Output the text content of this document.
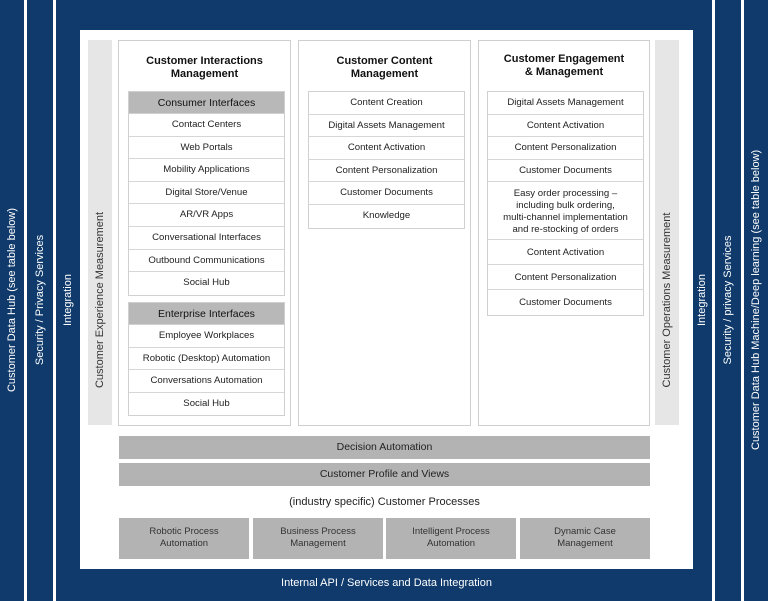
Customer Data Hub (see table below) Security / Privacy Services Integration	Integration Security / privacy Services Customer Data Hub Machine/Deep learning (see table below)
Customer Experience Measurement	Customer Operations Measurement
Customer Interactions
Management
Consumer Interfaces
Contact Centers
Web Portals
Mobility Applications
Digital Store/Venue
AR/VR Apps
Conversational Interfaces
Outbound Communications
Social Hub
Enterprise Interfaces
Employee Workplaces
Robotic (Desktop) Automation
Conversations Automation
Social Hub
Customer Content
Management
Content Creation
Digital Assets Management
Content Activation
Content Personalization
Customer Documents
Knowledge
Customer Engagement
& Management
Digital Assets Management
Content Activation
Content Personalization
Customer Documents
Easy order processing –
including bulk ordering,
multi-channel implementation
and re-stocking of orders
Content Activation
Content Personalization
Customer Documents
Decision Automation
Customer Profile and Views
(industry specific) Customer Processes
Robotic Process
Automation
Business Process
Management
Intelligent Process
Automation
Dynamic Case
Management
Internal API / Services and Data Integration
